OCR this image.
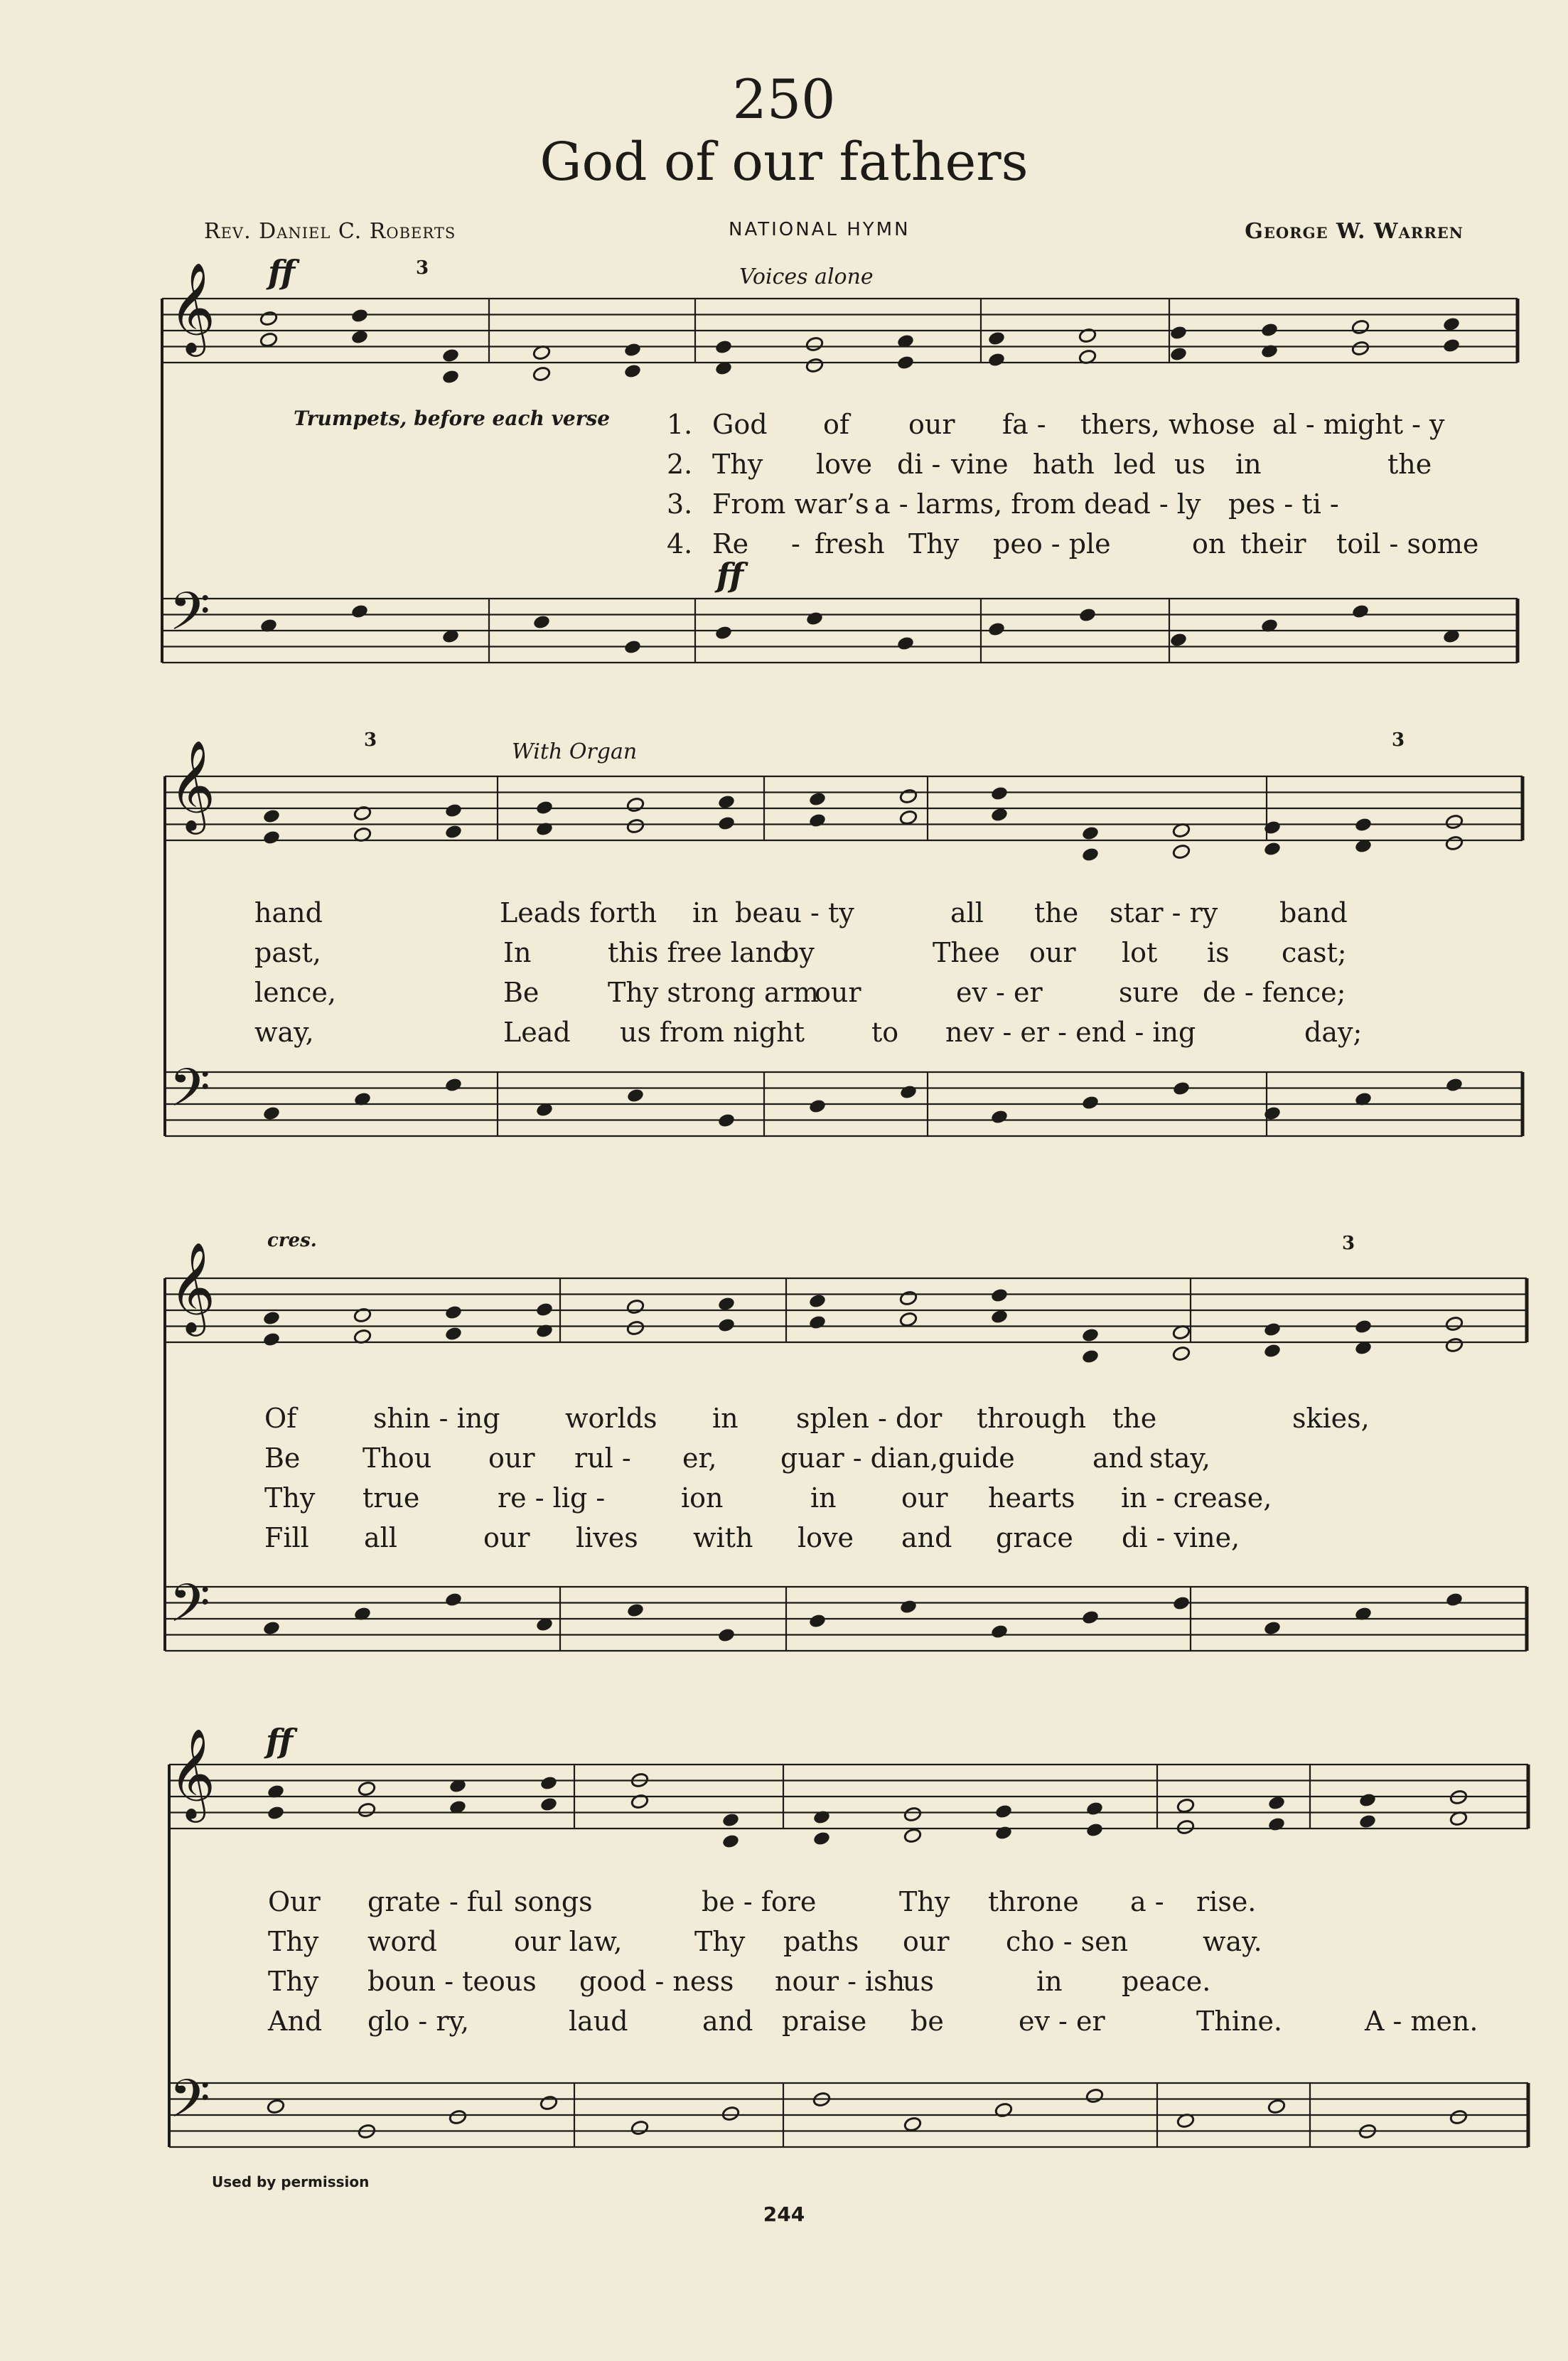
250
God of our fathers
Rev. Daniel C. Roberts	NATIONAL HYMN	George W. Warren
𝄞
𝄞
𝄞
𝄞
𝄢
𝄢
𝄢
𝄢
ff	Voices alone
Trumpets, before each verse
ff
3
1.
2.
3.
4.
God of our fa - thers, whose al - might - y
Thy love di - vine hath led us in	the
From war’s a - larms, from dead - ly pes - ti -
Re - fresh Thy peo - ple	on their toil - some
With Organ
3	3
hand	Leads forth in beau - ty	all the star - ry band
past,	In	this free land
by	Thee our lot is cast;
lence,	Be	Thy strong arm
our	ev - er	sure de - fence;
way,	Lead us from night to nev - er - end - ing	day;
cres.	3
Of	shin - ing worlds in splen - dor through the	skies,
Be Thou our rul - er, guar - dian, guide	and stay,
Thy true	re - lig -	ion	in our hearts in - crease,
Fill all	our lives with love and grace di - vine,
ff
Our grate - ful songs	be - fore	Thy throne a - rise.
Thy word	our law,	Thy paths our cho - sen	way.
Thy boun - teous good - ness nour - ish
us	in peace.
And glo - ry,	laud	and praise be	ev - er	Thine.	A - men.
Used by permission
244
